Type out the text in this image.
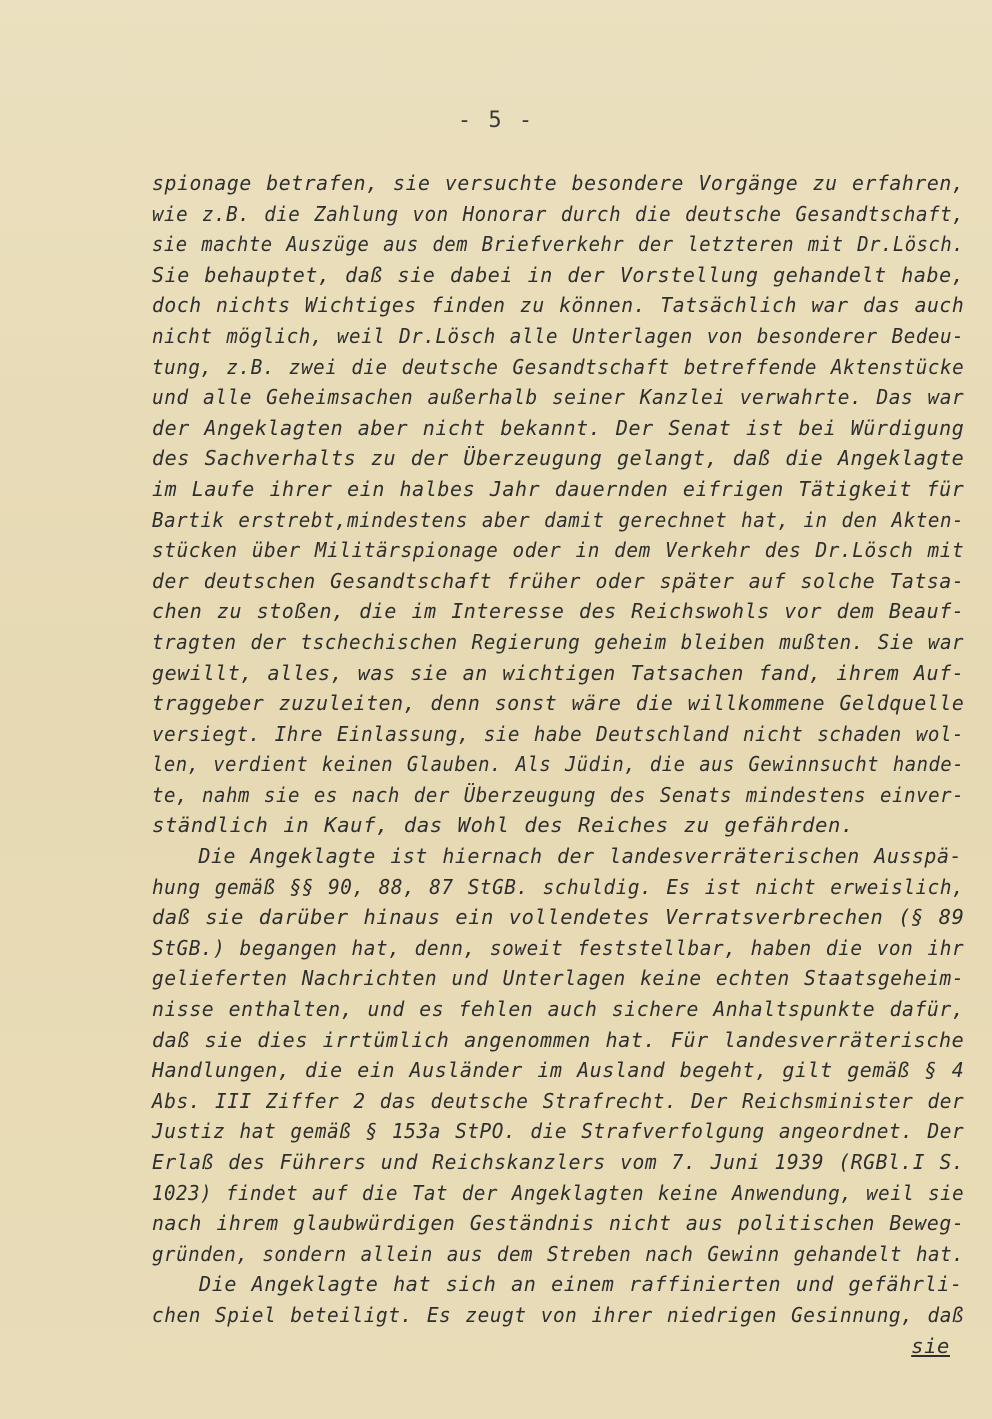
- 5 -
spionage betrafen, sie versuchte besondere Vorgänge zu erfahren,
wie z.B. die Zahlung von Honorar durch die deutsche Gesandtschaft,
sie machte Auszüge aus dem Briefverkehr der letzteren mit Dr.Lösch.
Sie behauptet, daß sie dabei in der Vorstellung gehandelt habe,
doch nichts Wichtiges finden zu können. Tatsächlich war das auch
nicht möglich, weil Dr.Lösch alle Unterlagen von besonderer Bedeu-
tung, z.B. zwei die deutsche Gesandtschaft betreffende Aktenstücke
und alle Geheimsachen außerhalb seiner Kanzlei verwahrte. Das war
der Angeklagten aber nicht bekannt. Der Senat ist bei Würdigung
des Sachverhalts zu der Überzeugung gelangt, daß die Angeklagte
im Laufe ihrer ein halbes Jahr dauernden eifrigen Tätigkeit für
Bartik erstrebt,mindestens aber damit gerechnet hat, in den Akten-
stücken über Militärspionage oder in dem Verkehr des Dr.Lösch mit
der deutschen Gesandtschaft früher oder später auf solche Tatsa-
chen zu stoßen, die im Interesse des Reichswohls vor dem Beauf-
tragten der tschechischen Regierung geheim bleiben mußten. Sie war
gewillt, alles, was sie an wichtigen Tatsachen fand, ihrem Auf-
traggeber zuzuleiten, denn sonst wäre die willkommene Geldquelle
versiegt. Ihre Einlassung, sie habe Deutschland nicht schaden wol-
len, verdient keinen Glauben. Als Jüdin, die aus Gewinnsucht hande-
te, nahm sie es nach der Überzeugung des Senats mindestens einver-
ständlich in Kauf, das Wohl des Reiches zu gefährden.
Die Angeklagte ist hiernach der landesverräterischen Ausspä-
hung gemäß §§ 90, 88, 87 StGB. schuldig. Es ist nicht erweislich,
daß sie darüber hinaus ein vollendetes Verratsverbrechen (§ 89
StGB.) begangen hat, denn, soweit feststellbar, haben die von ihr
gelieferten Nachrichten und Unterlagen keine echten Staatsgeheim-
nisse enthalten, und es fehlen auch sichere Anhaltspunkte dafür,
daß sie dies irrtümlich angenommen hat. Für landesverräterische
Handlungen, die ein Ausländer im Ausland begeht, gilt gemäß § 4
Abs. III Ziffer 2 das deutsche Strafrecht. Der Reichsminister der
Justiz hat gemäß § 153a StPO. die Strafverfolgung angeordnet. Der
Erlaß des Führers und Reichskanzlers vom 7. Juni 1939 (RGBl.I S.
1023) findet auf die Tat der Angeklagten keine Anwendung, weil sie
nach ihrem glaubwürdigen Geständnis nicht aus politischen Beweg-
gründen, sondern allein aus dem Streben nach Gewinn gehandelt hat.
Die Angeklagte hat sich an einem raffinierten und gefährli-
chen Spiel beteiligt. Es zeugt von ihrer niedrigen Gesinnung, daß
sie
